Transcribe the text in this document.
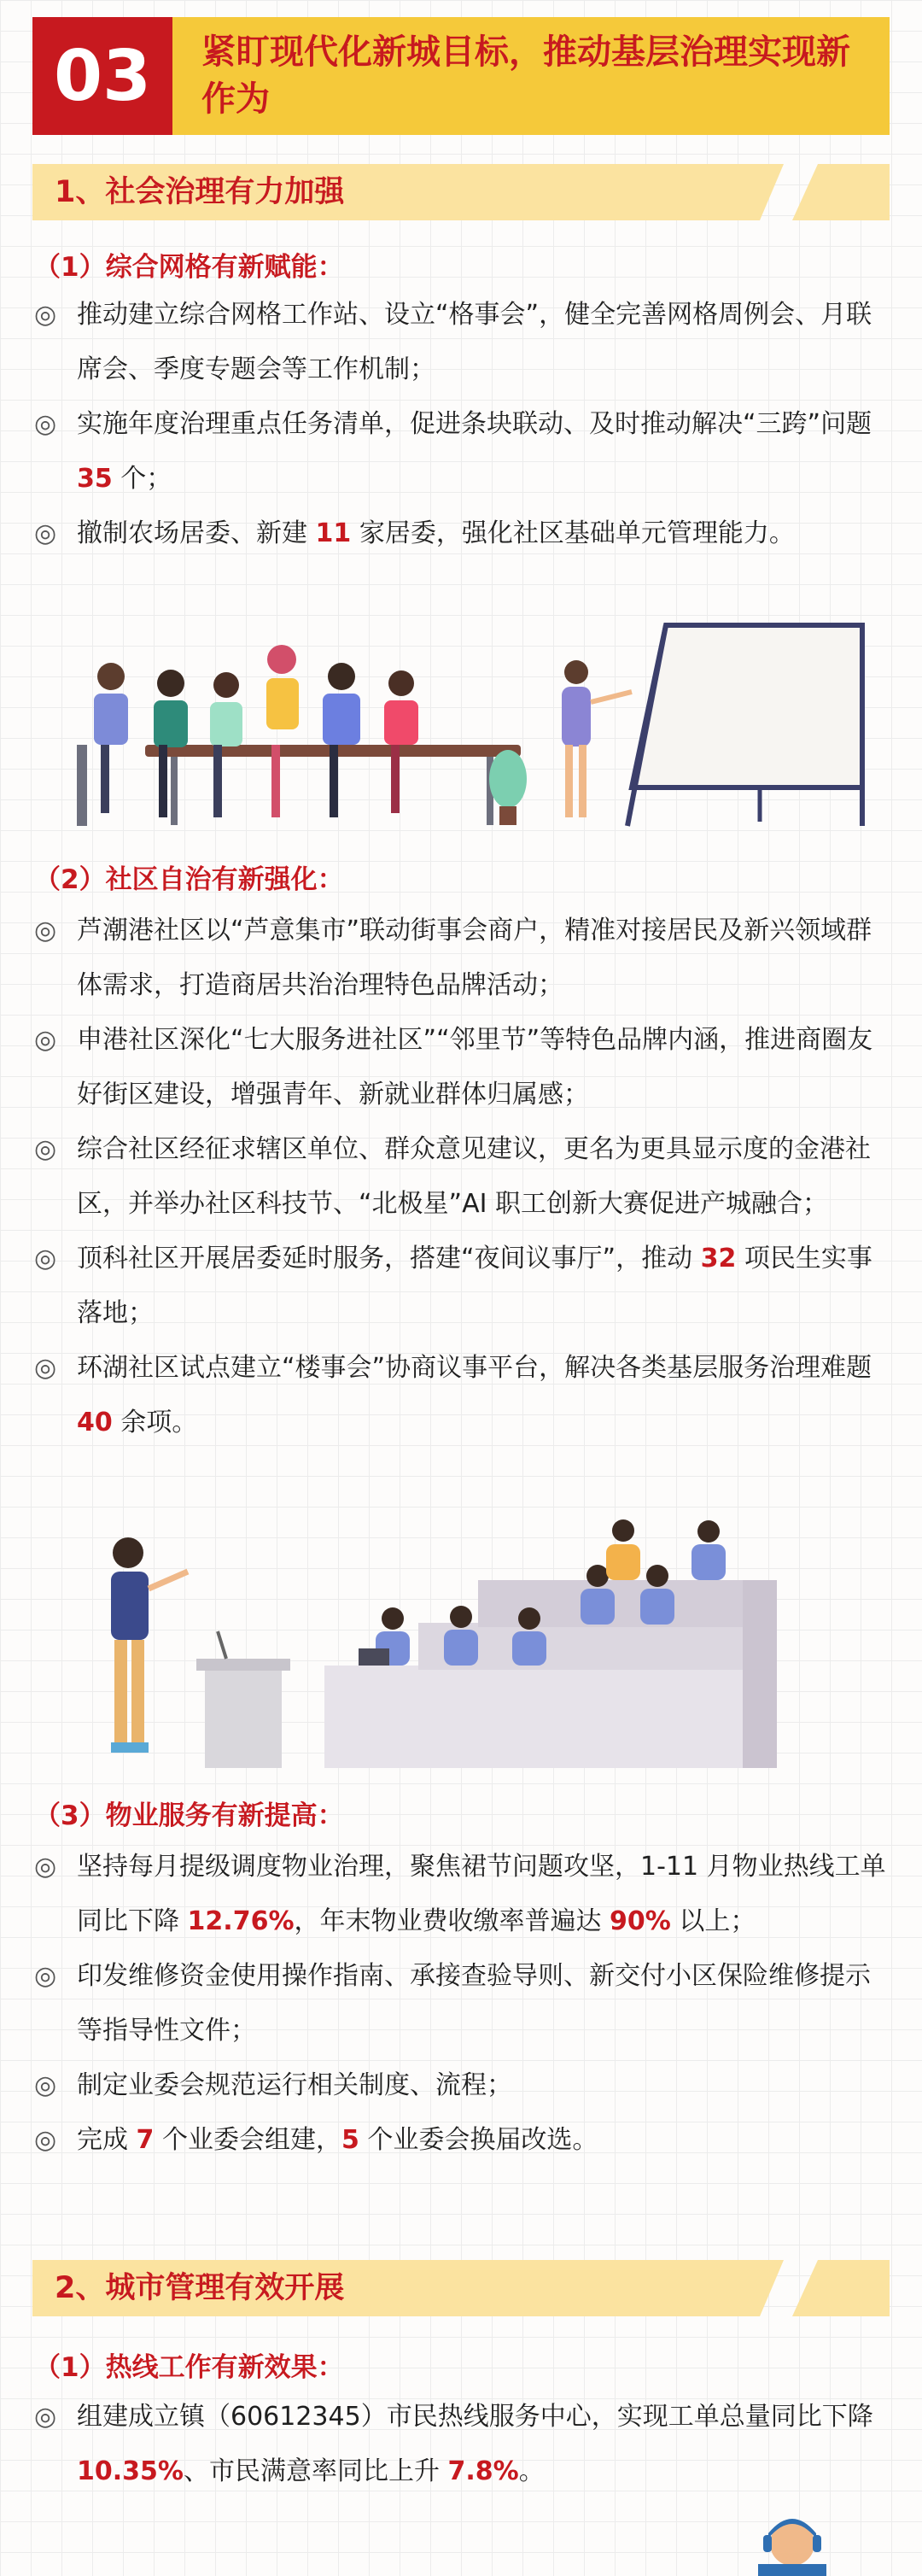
03	紧盯现代化新城目标，推动基层治理实现新作为
1、社会治理有力加强
（1）综合网格有新赋能：
◎ 推动建立综合网格工作站、设立“格事会”，健全完善网格周例会、月联席会、季度专题会等工作机制；
◎ 实施年度治理重点任务清单，促进条块联动、及时推动解决“三跨”问题 35 个；
◎ 撤制农场居委、新建 11 家居委，强化社区基础单元管理能力。
（2）社区自治有新强化：
◎ 芦潮港社区以“芦意集市”联动街事会商户，精准对接居民及新兴领域群体需求，打造商居共治治理特色品牌活动；
◎ 申港社区深化“七大服务进社区”“邻里节”等特色品牌内涵，推进商圈友好街区建设，增强青年、新就业群体归属感；
◎ 综合社区经征求辖区单位、群众意见建议，更名为更具显示度的金港社区，并举办社区科技节、“北极星”AI 职工创新大赛促进产城融合；
◎ 顶科社区开展居委延时服务，搭建“夜间议事厅”，推动 32 项民生实事落地；
◎ 环湖社区试点建立“楼事会”协商议事平台，解决各类基层服务治理难题 40 余项。
（3）物业服务有新提高：
◎ 坚持每月提级调度物业治理，聚焦裙节问题攻坚，1-11 月物业热线工单同比下降 12.76%，年末物业费收缴率普遍达 90% 以上；
◎ 印发维修资金使用操作指南、承接查验导则、新交付小区保险维修提示等指导性文件；
◎ 制定业委会规范运行相关制度、流程；
◎ 完成 7 个业委会组建，5 个业委会换届改选。
2、城市管理有效开展
（1）热线工作有新效果：
◎ 组建成立镇（60612345）市民热线服务中心，实现工单总量同比下降 10.35%、市民满意率同比上升 7.8%。
